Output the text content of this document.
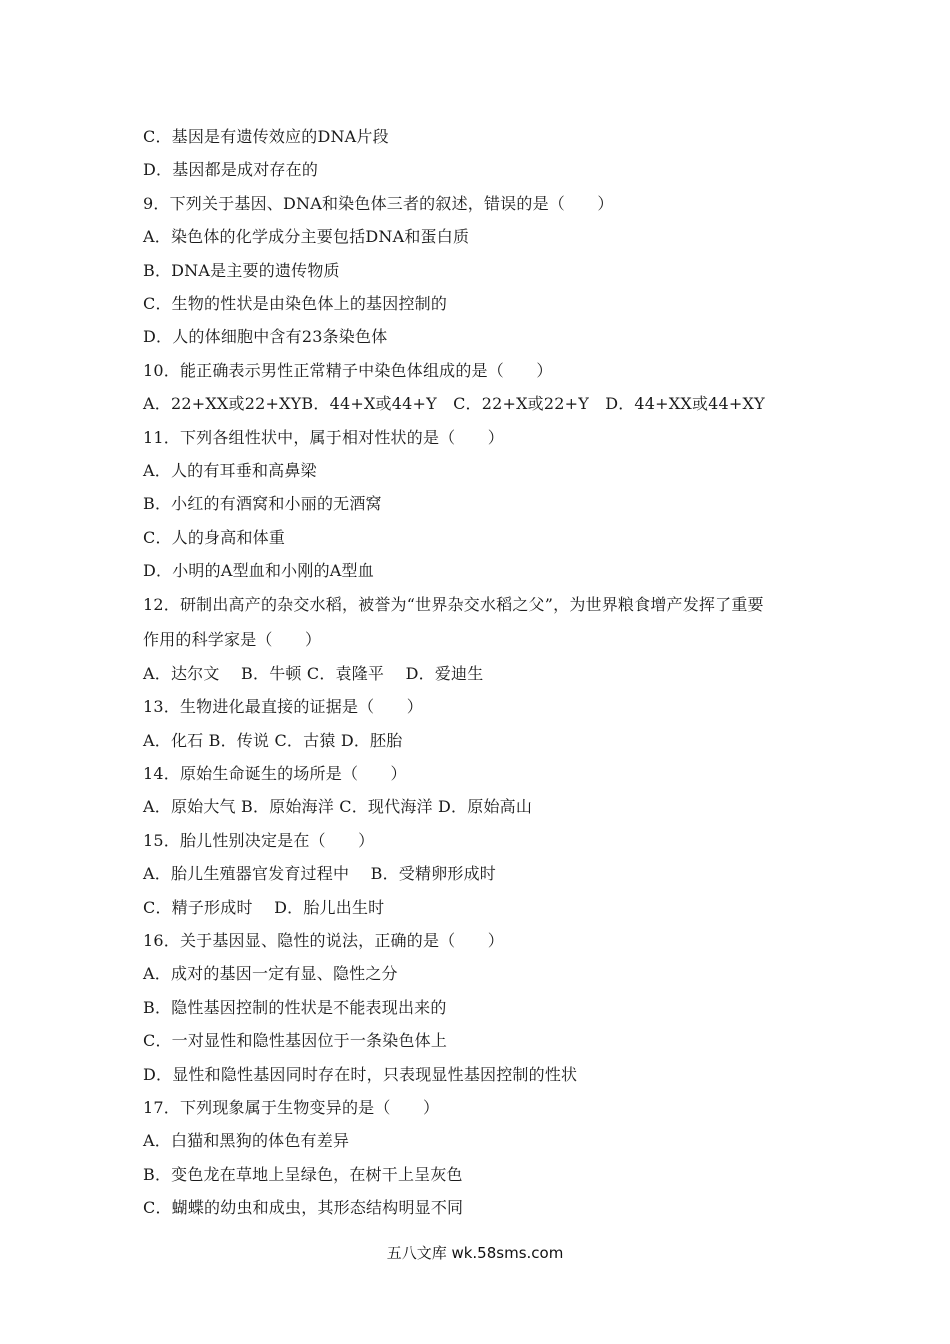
C．基因是有遗传效应的DNA片段
D．基因都是成对存在的
9．下列关于基因、DNA和染色体三者的叙述，错误的是（　　）
A．染色体的化学成分主要包括DNA和蛋白质
B．DNA是主要的遗传物质
C．生物的性状是由染色体上的基因控制的
D．人的体细胞中含有23条染色体
10．能正确表示男性正常精子中染色体组成的是（　　）
A．22+XX或22+XYB．44+X或44+Y　C．22+X或22+Y　D．44+XX或44+XY
11．下列各组性状中，属于相对性状的是（　　）
A．人的有耳垂和高鼻梁
B．小红的有酒窝和小丽的无酒窝
C．人的身高和体重
D．小明的A型血和小刚的A型血
12．研制出高产的杂交水稻，被誉为“世界杂交水稻之父”，为世界粮食增产发挥了重要
作用的科学家是（　　）
A．达尔文　 B．牛顿 C．袁隆平　 D．爱迪生
13．生物进化最直接的证据是（　　）
A．化石 B．传说 C．古猿 D．胚胎
14．原始生命诞生的场所是（　　）
A．原始大气 B．原始海洋 C．现代海洋 D．原始高山
15．胎儿性别决定是在（　　）
A．胎儿生殖器官发育过程中　 B．受精卵形成时
C．精子形成时　 D．胎儿出生时
16．关于基因显、隐性的说法，正确的是（　　）
A．成对的基因一定有显、隐性之分
B．隐性基因控制的性状是不能表现出来的
C．一对显性和隐性基因位于一条染色体上
D．显性和隐性基因同时存在时，只表现显性基因控制的性状
17．下列现象属于生物变异的是（　　）
A．白猫和黑狗的体色有差异
B．变色龙在草地上呈绿色，在树干上呈灰色
C．蝴蝶的幼虫和成虫，其形态结构明显不同
五八文库 wk.58sms.com
